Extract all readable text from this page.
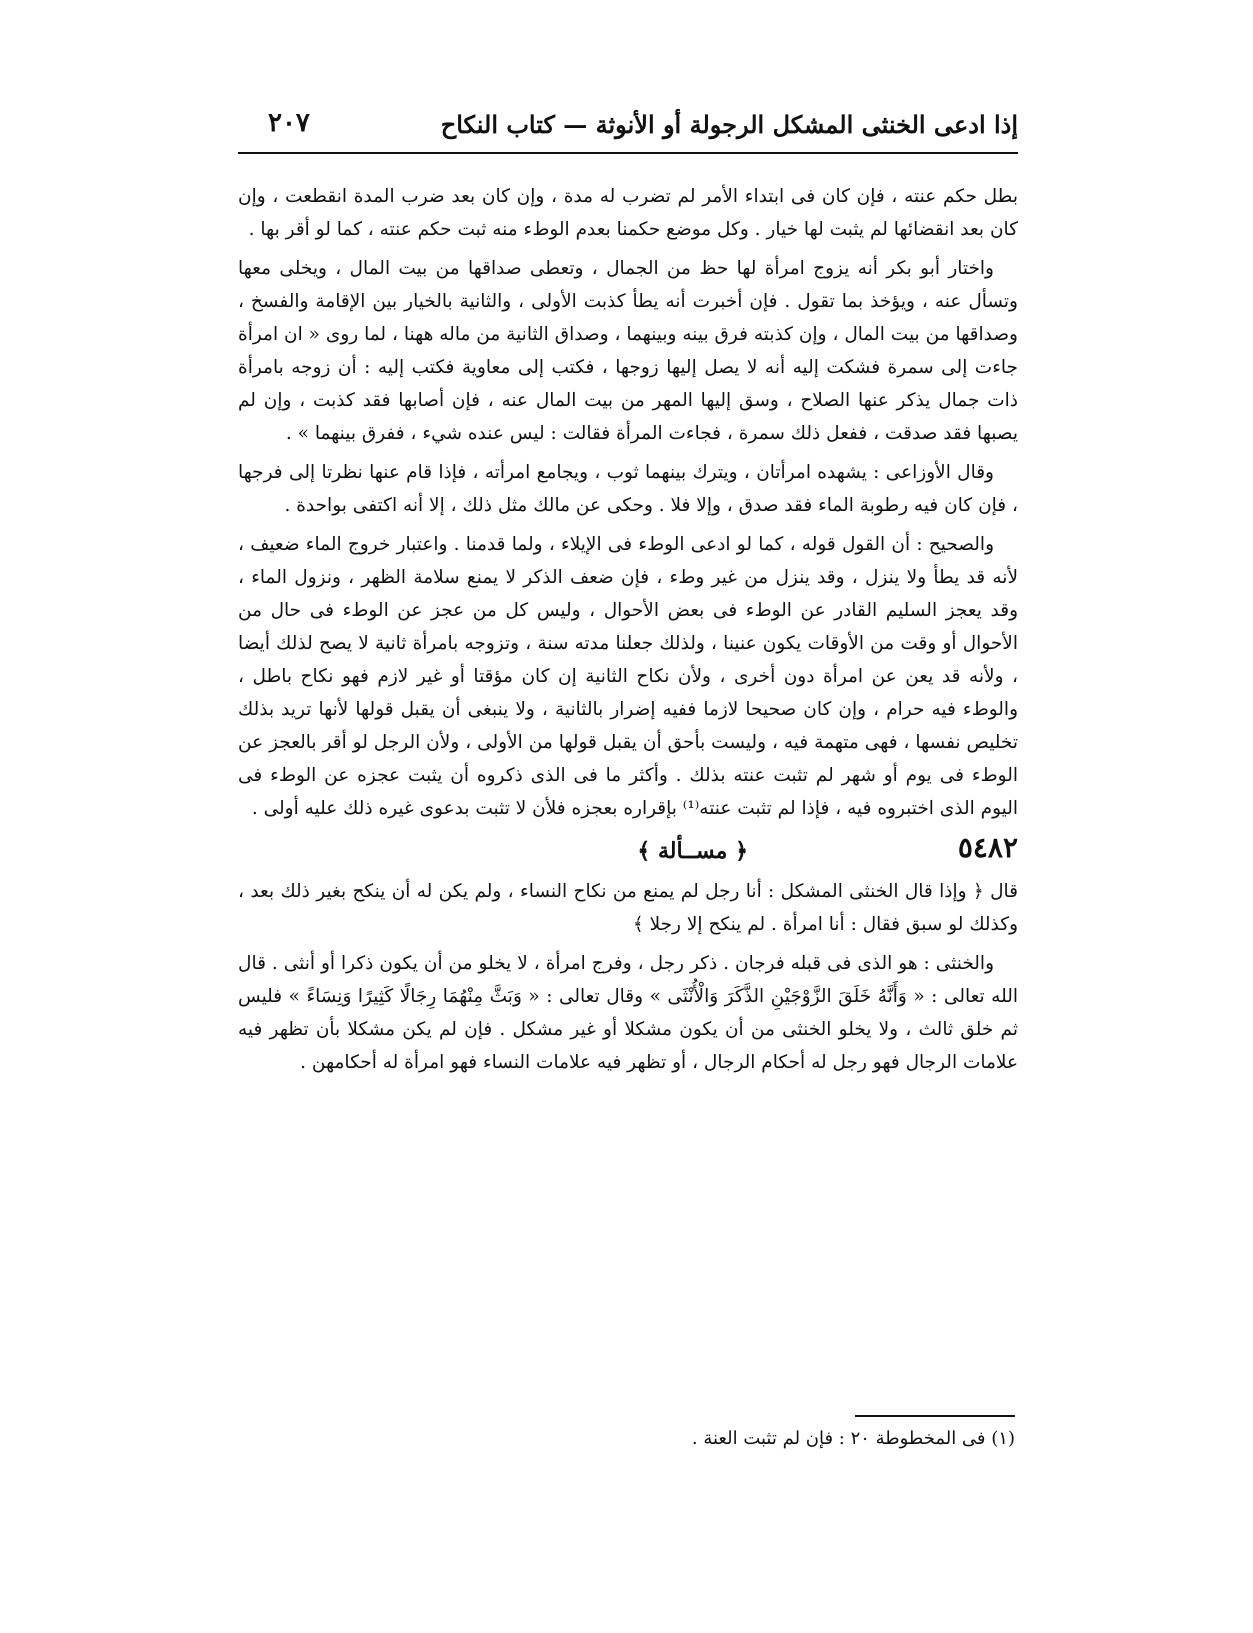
إذا ادعى الخنثى المشكل الرجولة أو الأنوثة — كتاب النكاح
٢٠٧

بطل حكم عنته ، فإن كان فى ابتداء الأمر لم تضرب له مدة ، وإن كان بعد ضرب المدة انقطعت ، وإن كان بعد انقضائها لم يثبت لها خيار . وكل موضع حكمنا بعدم الوطء منه ثبت حكم عنته ، كما لو أقر بها .

واختار أبو بكر أنه يزوج امرأة لها حظ من الجمال ، وتعطى صداقها من بيت المال ، ويخلى معها وتسأل عنه ، ويؤخذ بما تقول . فإن أخبرت أنه يطأ كذبت الأولى ، والثانية بالخيار بين الإقامة والفسخ ، وصداقها من بيت المال ، وإن كذبته فرق بينه وبينهما ، وصداق الثانية من ماله ههنا ، لما روى « ان امرأة جاءت إلى سمرة فشكت إليه أنه لا يصل إليها زوجها ، فكتب إلى معاوية فكتب إليه : أن زوجه بامرأة ذات جمال يذكر عنها الصلاح ، وسق إليها المهر من بيت المال عنه ، فإن أصابها فقد كذبت ، وإن لم يصبها فقد صدقت ، ففعل ذلك سمرة ، فجاءت المرأة فقالت : ليس عنده شيء ، ففرق بينهما » .

وقال الأوزاعى : يشهده امرأتان ، ويترك بينهما ثوب ، ويجامع امرأته ، فإذا قام عنها نظرتا إلى فرجها ، فإن كان فيه رطوبة الماء فقد صدق ، وإلا فلا . وحكى عن مالك مثل ذلك ، إلا أنه اكتفى بواحدة .

والصحيح : أن القول قوله ، كما لو ادعى الوطء فى الإيلاء ، ولما قدمنا . واعتبار خروج الماء ضعيف ، لأنه قد يطأ ولا ينزل ، وقد ينزل من غير وطء ، فإن ضعف الذكر لا يمنع سلامة الظهر ، ونزول الماء ، وقد يعجز السليم القادر عن الوطء فى بعض الأحوال ، وليس كل من عجز عن الوطء فى حال من الأحوال أو وقت من الأوقات يكون عنينا ، ولذلك جعلنا مدته سنة ، وتزوجه بامرأة ثانية لا يصح لذلك أيضا ، ولأنه قد يعن عن امرأة دون أخرى ، ولأن نكاح الثانية إن كان مؤقتا أو غير لازم فهو نكاح باطل ، والوطء فيه حرام ، وإن كان صحيحا لازما ففيه إضرار بالثانية ، ولا ينبغى أن يقبل قولها لأنها تريد بذلك تخليص نفسها ، فهى متهمة فيه ، وليست بأحق أن يقبل قولها من الأولى ، ولأن الرجل لو أقر بالعجز عن الوطء فى يوم أو شهر لم تثبت عنته بذلك . وأكثر ما فى الذى ذكروه أن يثبت عجزه عن الوطء فى اليوم الذى اختبروه فيه ، فإذا لم تثبت عنته⁽¹⁾ بإقراره بعجزه فلأن لا تثبت بدعوى غيره ذلك عليه أولى .

٥٤٨٢
﴿ مســألة ﴾

قال ﴿ وإذا قال الخنثى المشكل : أنا رجل لم يمنع من نكاح النساء ، ولم يكن له أن ينكح بغير ذلك بعد ، وكذلك لو سبق فقال : أنا امرأة . لم ينكح إلا رجلا ﴾

والخنثى : هو الذى فى قبله فرجان . ذكر رجل ، وفرج امرأة ، لا يخلو من أن يكون ذكرا أو أنثى . قال الله تعالى : « وَأَنَّهُ خَلَقَ الزَّوْجَيْنِ الذَّكَرَ وَالْأُنْثَى » وقال تعالى : « وَبَثَّ مِنْهُمَا رِجَالًا كَثِيرًا وَنِسَاءً » فليس ثم خلق ثالث ، ولا يخلو الخنثى من أن يكون مشكلا أو غير مشكل . فإن لم يكن مشكلا بأن تظهر فيه علامات الرجال فهو رجل له أحكام الرجال ، أو تظهر فيه علامات النساء فهو امرأة له أحكامهن .

(١) فى المخطوطة ٢٠ : فإن لم تثبت العنة .
